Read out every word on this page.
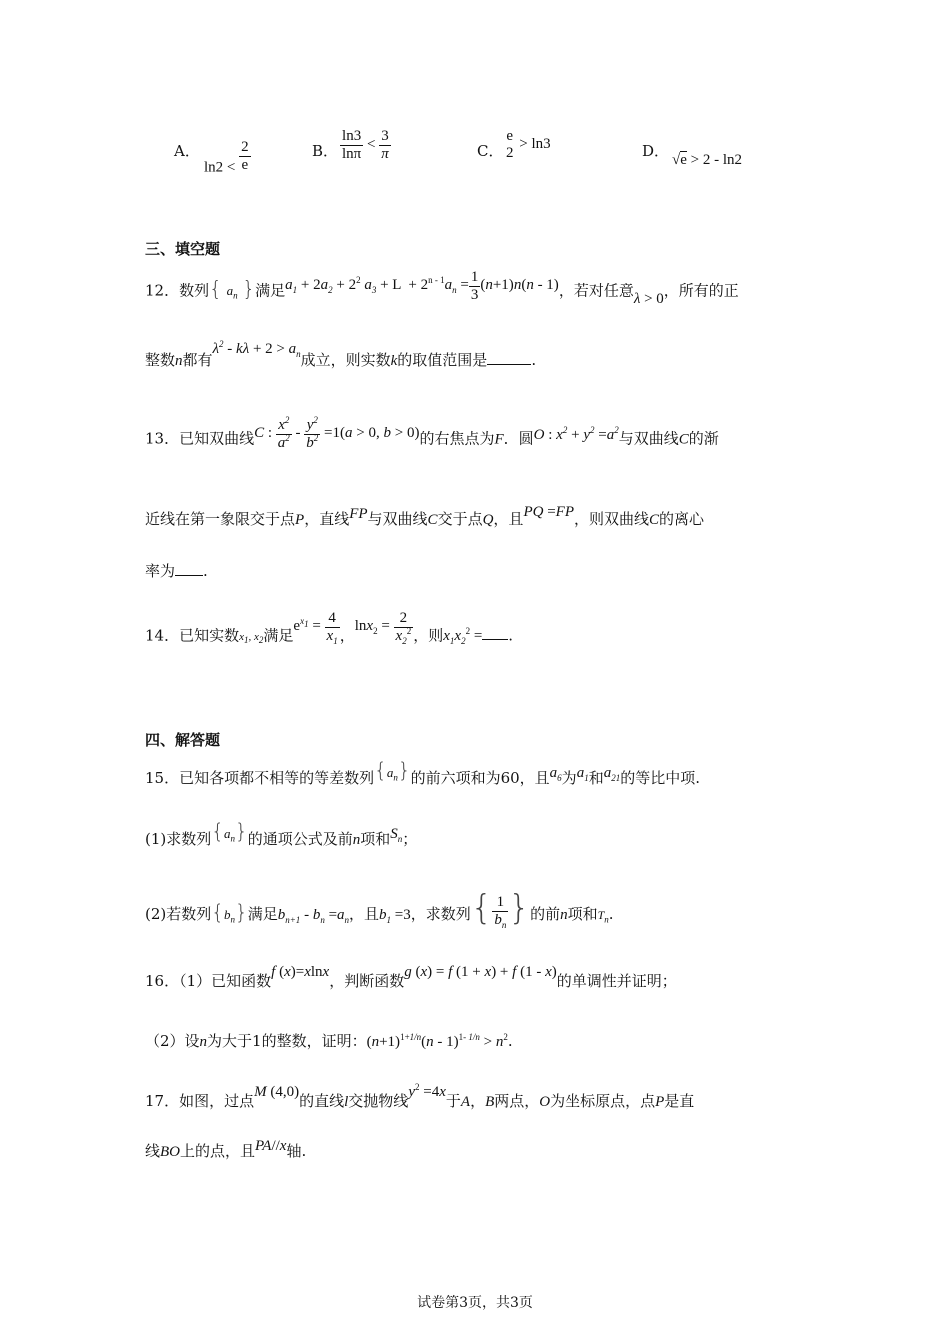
A．
$\ln 2 < \frac{2}{e}$	B． $\frac{\ln 3}{\ln\pi} < \frac{3}{\pi}$	C．
e
2
> ln3	D． √e > 2 - ln2
三、填空题
12．数列{ $a_n$ }满足$a_1 + 2a_2 + 2^2$ $a_3 + L + 2^{n - 1}a_n = \frac{1}{3} (n+1)n(n - 1)$，若对任意λ > 0，所有的正
整数n都有$\lambda^2 - k\lambda + 2 > a_n$成立，则实数k的取值范围是	.
13．已知双曲线C : $\frac{x^2}{a^2} - \frac{y^2}{b^2} =1(a > 0$, b > 0)的右焦点为F．圆O : $x^2 + y^2 =a^2$与双曲线C的渐
近线在第一象限交于点P，直线FP与双曲线C交于点Q，且PQ =FP，则双曲线C的离心
率为 .
14．已知实数$x_1$, $x_2$满足$e^{x_1} = \frac{4}{x_1}$ ，$\ln x_2 = \frac{2}{x_2^2}$ ，则$x_1x_2^2$ = .
四、解答题
15．已知各项都不相等的等差数列$\{a_n\}$的前六项和为60，且$a_6$为$a_1$和$a_{21}$的等比中项.
(1)求数列$\{a_n\}$的通项公式及前n项和$S_n$；
(2)若数列$\{b_n\}$满足$b_{n+1} - b_n =a_n$，且$b_1 =3$，求数列{ $\frac{1}{b_n}$ }的前n项和$T_n$.
16．（1）已知函数f (x)=xlnx，判断函数g (x) = f (1 + x) + f (1 - x)的单调性并证明；
（2）设n为大于1的整数，证明：$(n+1)^{1+1/n}(n - 1)^{1- 1/n} > n^2$.
17．如图，过点M (4,0)的直线l交抛物线$y^2 =4x$于A，B两点，O为坐标原点，点P是直
线BO上的点，且PA//x轴.
试卷第3页，共3页
